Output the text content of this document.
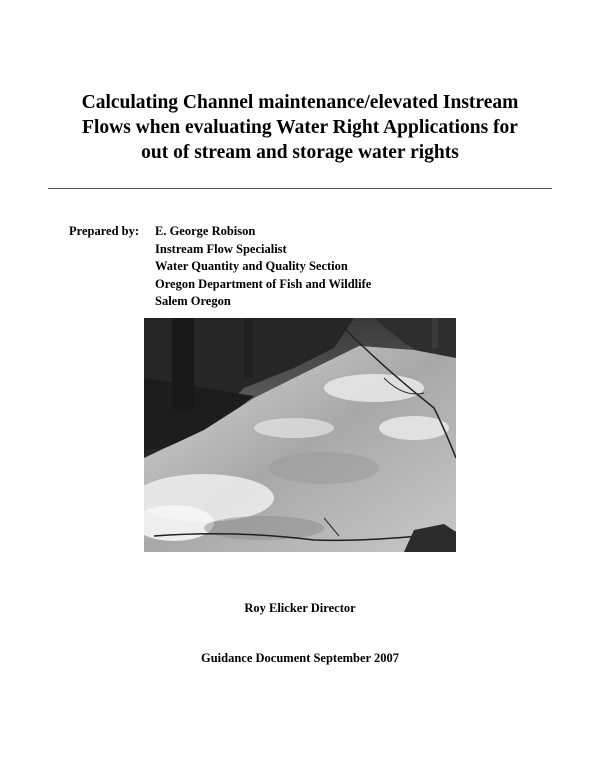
Calculating Channel maintenance/elevated Instream
Flows when evaluating Water Right Applications for
out of stream and storage water rights
Prepared by: E. George Robison
Instream Flow Specialist
Water Quantity and Quality Section
Oregon Department of Fish and Wildlife
Salem Oregon
Roy Elicker Director
Guidance Document September 2007
